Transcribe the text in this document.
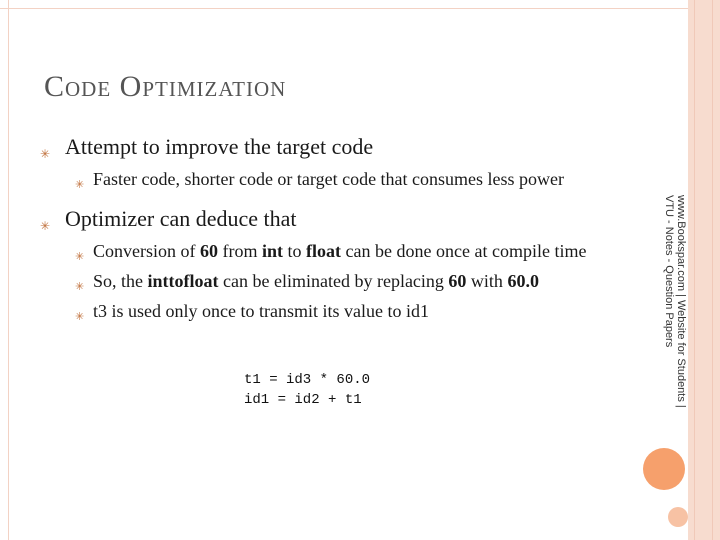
Code Optimization
✳ Attempt to improve the target code
✳ Faster code, shorter code or target code that consumes less power
✳ Optimizer can deduce that
✳ Conversion of 60 from int to float can be done once at compile time
✳ So, the inttofloat can be eliminated by replacing 60 with 60.0
✳ t3 is used only once to transmit its value to id1
t1 = id3 * 60.0
id1 = id2 + t1	www.Bookspar.com | Website for Students |
VTU - Notes - Question Papers
